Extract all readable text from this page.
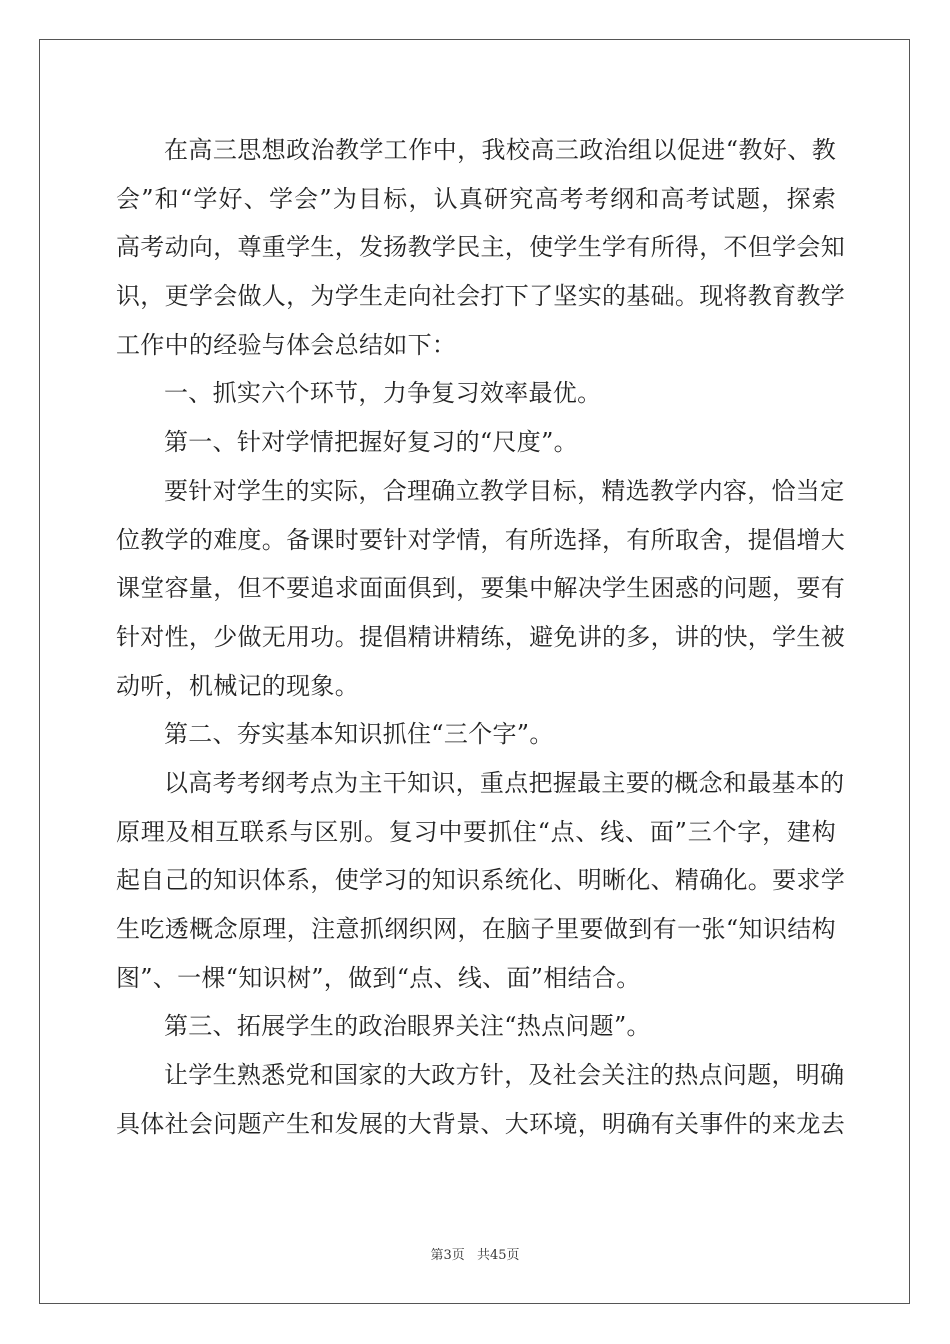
在高三思想政治教学工作中，我校高三政治组以促进“教好、教
会”和“学好、学会”为目标，认真研究高考考纲和高考试题，探索
高考动向，尊重学生，发扬教学民主，使学生学有所得，不但学会知
识，更学会做人，为学生走向社会打下了坚实的基础。现将教育教学
工作中的经验与体会总结如下：
一、抓实六个环节，力争复习效率最优。
第一、针对学情把握好复习的“尺度”。
要针对学生的实际，合理确立教学目标，精选教学内容，恰当定
位教学的难度。备课时要针对学情，有所选择，有所取舍，提倡增大
课堂容量，但不要追求面面俱到，要集中解决学生困惑的问题，要有
针对性，少做无用功。提倡精讲精练，避免讲的多，讲的快，学生被
动听，机械记的现象。
第二、夯实基本知识抓住“三个字”。
以高考考纲考点为主干知识，重点把握最主要的概念和最基本的
原理及相互联系与区别。复习中要抓住“点、线、面”三个字，建构
起自己的知识体系，使学习的知识系统化、明晰化、精确化。要求学
生吃透概念原理，注意抓纲织网，在脑子里要做到有一张“知识结构
图”、一棵“知识树”，做到“点、线、面”相结合。
第三、拓展学生的政治眼界关注“热点问题”。
让学生熟悉党和国家的大政方针，及社会关注的热点问题，明确
具体社会问题产生和发展的大背景、大环境，明确有关事件的来龙去
第3页 共45页
